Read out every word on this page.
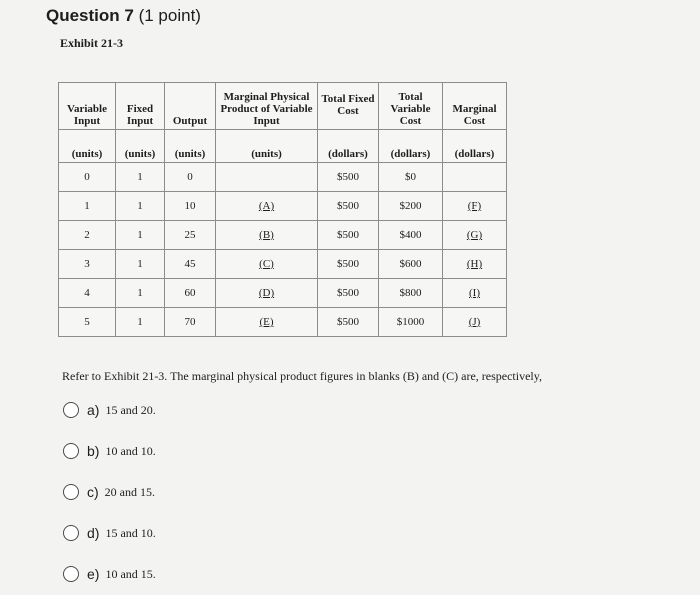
Question 7 (1 point)
Exhibit 21-3
Variable Input	Fixed Input	Output	Marginal Physical Product of Variable Input	Total Fixed Cost	Total Variable Cost	Marginal Cost
(units)	(units)	(units)	(units)	(dollars)	(dollars)	(dollars)
0	1	0		$500	$0	
1	1	10	(A)	$500	$200	(F)
2	1	25	(B)	$500	$400	(G)
3	1	45	(C)	$500	$600	(H)
4	1	60	(D)	$500	$800	(I)
5	1	70	(E)	$500	$1000	(J)
Refer to Exhibit 21-3. The marginal physical product figures in blanks (B) and (C) are, respectively,
a) 15 and 20.
b) 10 and 10.
c) 20 and 15.
d) 15 and 10.
e) 10 and 15.
